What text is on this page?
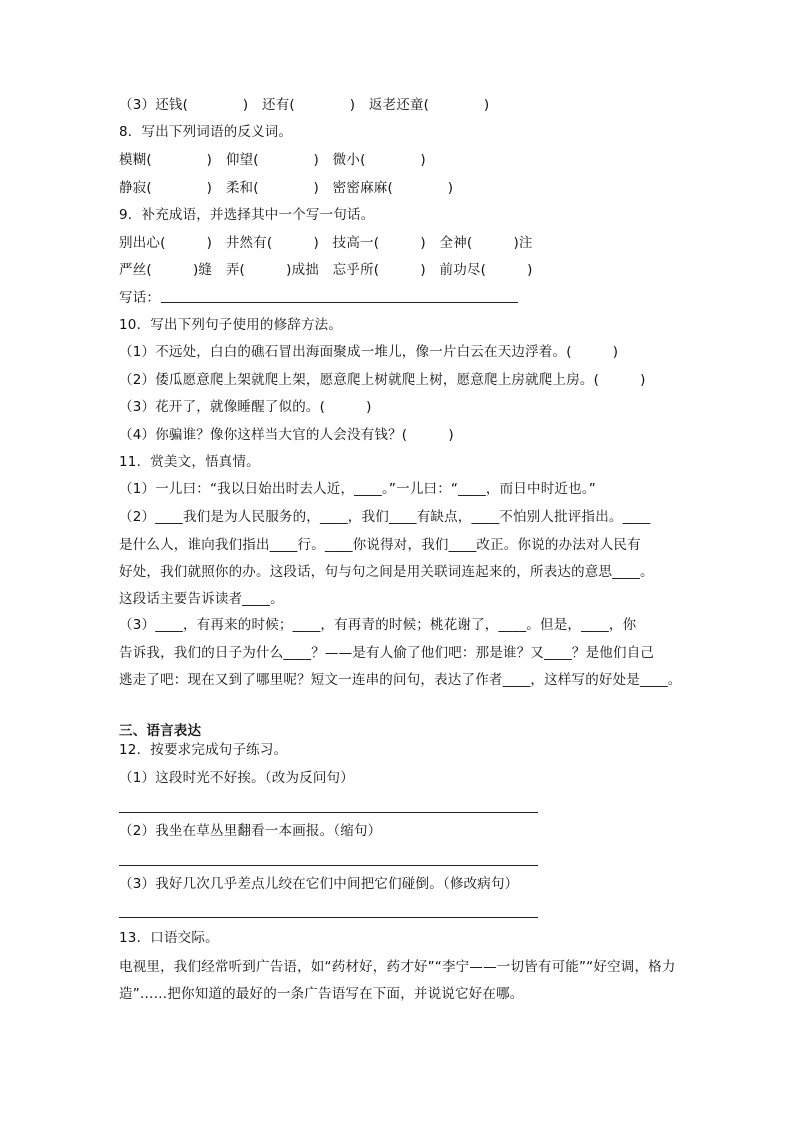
（3）还钱(　　　　)　还有(　　　　)　返老还童(　　　　)
8．写出下列词语的反义词。
模糊(　　　　)　仰望(　　　　)　微小(　　　　)
静寂(　　　　)　柔和(　　　　)　密密麻麻(　　　　)
9．补充成语，并选择其中一个写一句话。
别出心(　　　)　井然有(　　　)　技高一(　　　)　全神(　　　)注
严丝(　　　)缝　弄(　　　)成拙　忘乎所(　　　)　前功尽(　　　)
写话：
10．写出下列句子使用的修辞方法。
（1）不远处，白白的礁石冒出海面聚成一堆儿，像一片白云在天边浮着。(　　　)
（2）倭瓜愿意爬上架就爬上架，愿意爬上树就爬上树，愿意爬上房就爬上房。(　　　)
（3）花开了，就像睡醒了似的。(　　　)
（4）你骗谁？像你这样当大官的人会没有钱？(　　　)
11．赏美文，悟真情。
（1）一儿曰：“我以日始出时去人近，____。”一儿曰：“____，而日中时近也。”
（2）____我们是为人民服务的，____，我们____有缺点，____不怕别人批评指出。____
是什么人，谁向我们指出____行。____你说得对，我们____改正。你说的办法对人民有
好处，我们就照你的办。这段话，句与句之间是用关联词连起来的，所表达的意思____。
这段话主要告诉读者____。
（3）____，有再来的时候；____，有再青的时候；桃花谢了，____。但是，____，你
告诉我，我们的日子为什么____？——是有人偷了他们吧：那是谁？又____？是他们自己
逃走了吧：现在又到了哪里呢？短文一连串的问句，表达了作者____，这样写的好处是____。
三、语言表达
12．按要求完成句子练习。
（1）这段时光不好挨。（改为反问句）
（2）我坐在草丛里翻看一本画报。（缩句）
（3）我好几次几乎差点儿绞在它们中间把它们碰倒。（修改病句）
13．口语交际。
电视里，我们经常听到广告语，如“药材好，药才好”“李宁——一切皆有可能”“好空调，格力
造”……把你知道的最好的一条广告语写在下面，并说说它好在哪。
